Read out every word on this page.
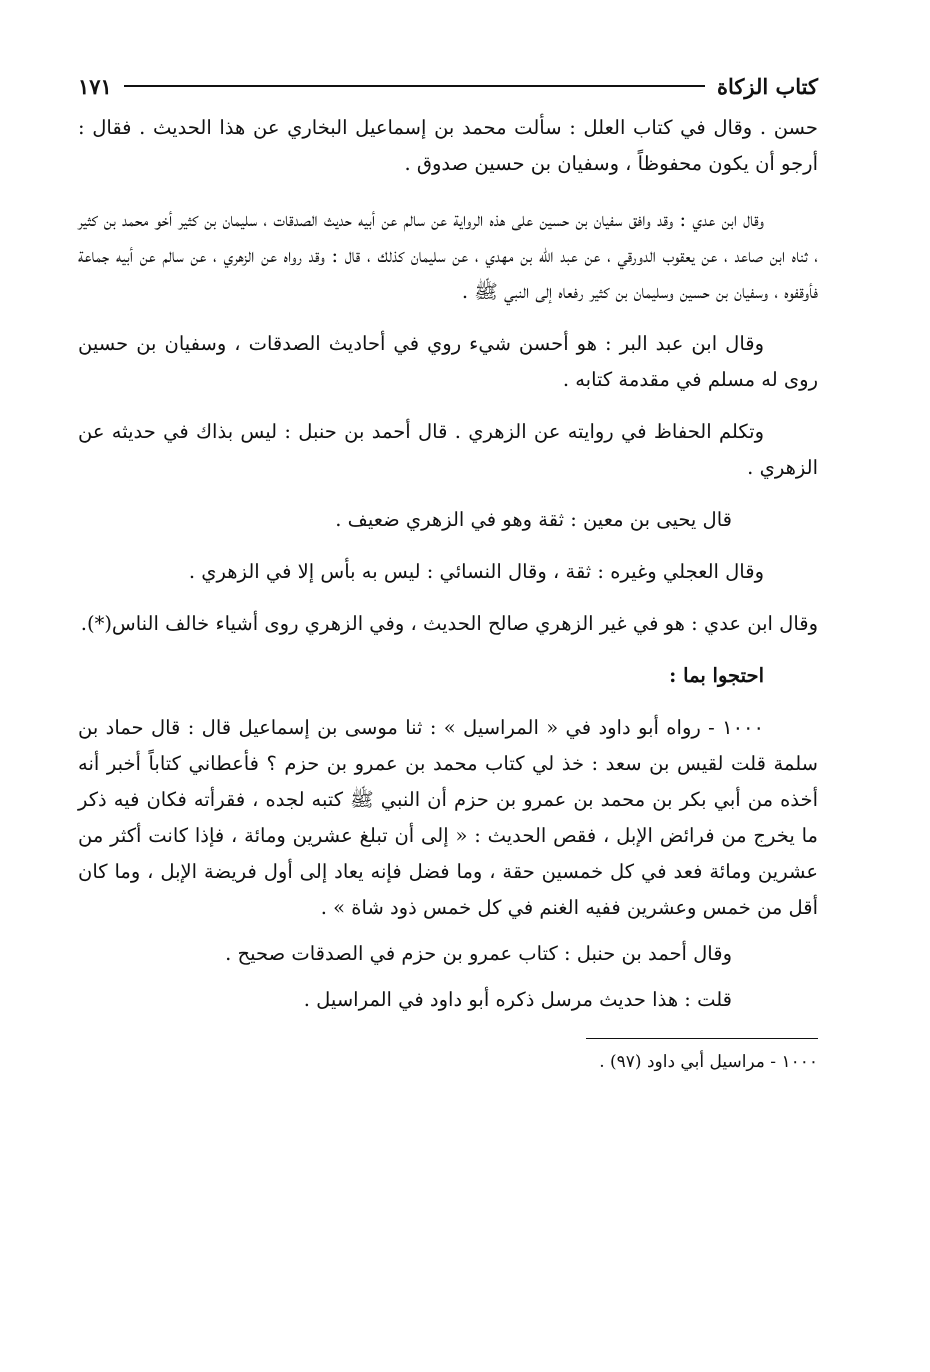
كتاب الزكاة
١٧١

حسن . وقال في كتاب العلل : سألت محمد بن إسماعيل البخاري عن هذا الحديث . فقال : أرجو أن يكون محفوظاً ، وسفيان بن حسين صدوق .

وقال ابن عدي : وقد وافق سفيان بن حسين على هذه الرواية عن سالم عن أبيه حديث الصدقات ، سليمان بن كثير أخو محمد بن كثير ، ثناه ابن صاعد ، عن يعقوب الدورقي ، عن عبد الله بن مهدي ، عن سليمان كذلك ، قال : وقد رواه عن الزهري ، عن سالم عن أبيه جماعة فأوقفوه ، وسفيان بن حسين وسليمان بن كثير رفعاه إلى النبي ﷺ .

وقال ابن عبد البر : هو أحسن شيء روي في أحاديث الصدقات ، وسفيان بن حسين روى له مسلم في مقدمة كتابه .

وتكلم الحفاظ في روايته عن الزهري . قال أحمد بن حنبل : ليس بذاك في حديثه عن الزهري .

قال يحيى بن معين : ثقة وهو في الزهري ضعيف .

وقال العجلي وغيره : ثقة ، وقال النسائي : ليس به بأس إلا في الزهري .

وقال ابن عدي : هو في غير الزهري صالح الحديث ، وفي الزهري روى أشياء خالف الناس(*).

احتجوا بما :

١٠٠٠ - رواه أبو داود في « المراسيل » : ثنا موسى بن إسماعيل قال : قال حماد بن سلمة قلت لقيس بن سعد : خذ لي كتاب محمد بن عمرو بن حزم ؟ فأعطاني كتاباً أخبر أنه أخذه من أبي بكر بن محمد بن عمرو بن حزم أن النبي ﷺ كتبه لجده ، فقرأته فكان فيه ذكر ما يخرج من فرائض الإبل ، فقص الحديث : « إلى أن تبلغ عشرين ومائة ، فإذا كانت أكثر من عشرين ومائة فعد في كل خمسين حقة ، وما فضل فإنه يعاد إلى أول فريضة الإبل ، وما كان أقل من خمس وعشرين ففيه الغنم في كل خمس ذود شاة » .

وقال أحمد بن حنبل : كتاب عمرو بن حزم في الصدقات صحيح .

قلت : هذا حديث مرسل ذكره أبو داود في المراسيل .

١٠٠٠ - مراسيل أبي داود (٩٧) .
